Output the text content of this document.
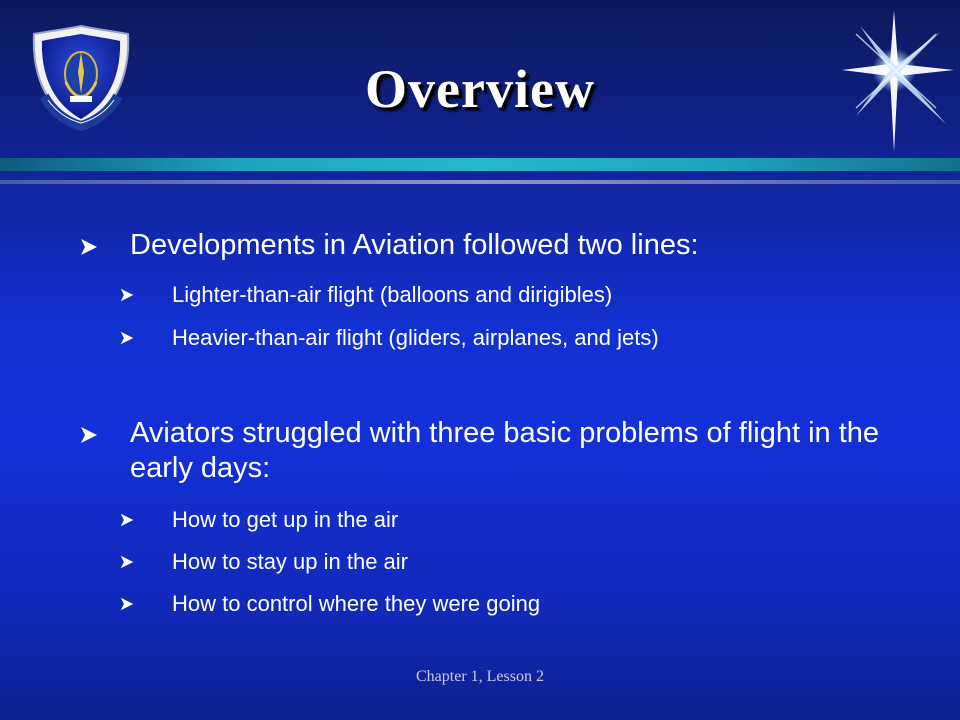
Overview
Developments in Aviation followed two lines:
Lighter-than-air flight (balloons and dirigibles)
Heavier-than-air flight (gliders, airplanes, and jets)
Aviators struggled with three basic problems of flight in the early days:
How to get up in the air
How to stay up in the air
How to control where they were going
Chapter 1, Lesson 2
